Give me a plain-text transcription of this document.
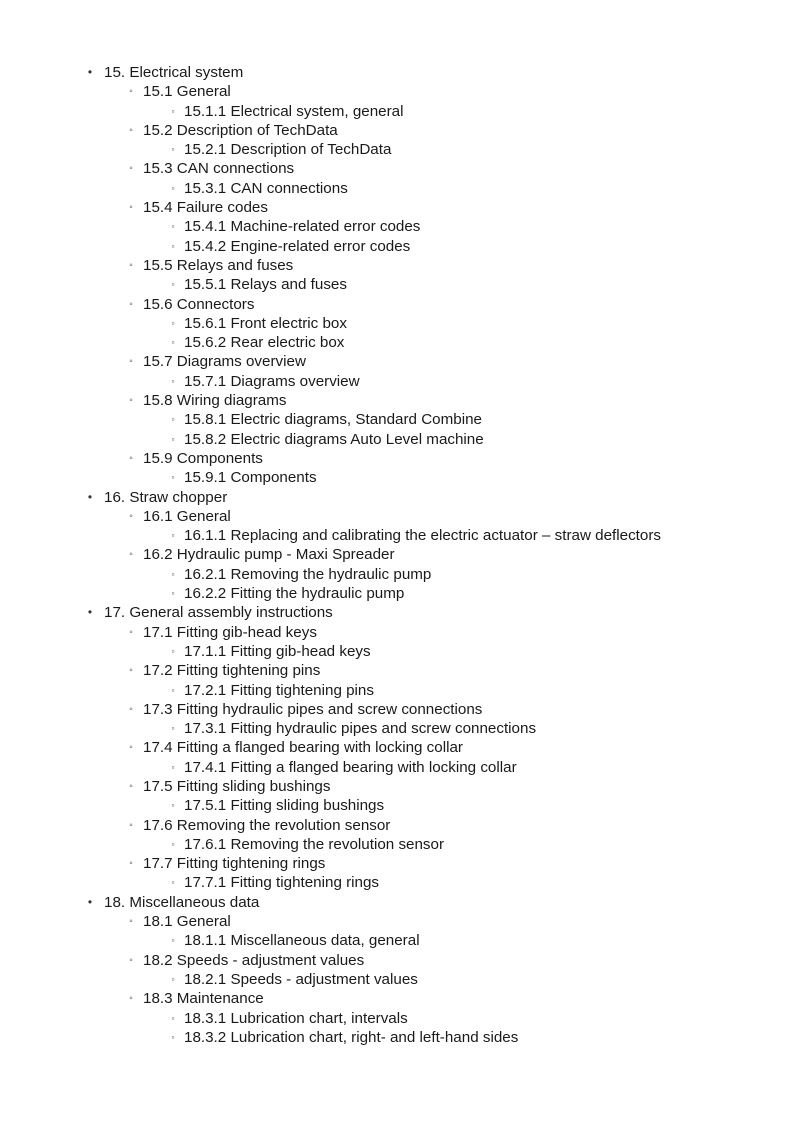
• 15. Electrical system
◦ 15.1 General
▫ 15.1.1 Electrical system, general
◦ 15.2 Description of TechData
▫ 15.2.1 Description of TechData
◦ 15.3 CAN connections
▫ 15.3.1 CAN connections
◦ 15.4 Failure codes
▫ 15.4.1 Machine-related error codes
▫ 15.4.2 Engine-related error codes
◦ 15.5 Relays and fuses
▫ 15.5.1 Relays and fuses
◦ 15.6 Connectors
▫ 15.6.1 Front electric box
▫ 15.6.2 Rear electric box
◦ 15.7 Diagrams overview
▫ 15.7.1 Diagrams overview
◦ 15.8 Wiring diagrams
▫ 15.8.1 Electric diagrams, Standard Combine
▫ 15.8.2 Electric diagrams Auto Level machine
◦ 15.9 Components
▫ 15.9.1 Components
• 16. Straw chopper
◦ 16.1 General
▫ 16.1.1 Replacing and calibrating the electric actuator – straw deflectors
◦ 16.2 Hydraulic pump - Maxi Spreader
▫ 16.2.1 Removing the hydraulic pump
▫ 16.2.2 Fitting the hydraulic pump
• 17. General assembly instructions
◦ 17.1 Fitting gib-head keys
▫ 17.1.1 Fitting gib-head keys
◦ 17.2 Fitting tightening pins
▫ 17.2.1 Fitting tightening pins
◦ 17.3 Fitting hydraulic pipes and screw connections
▫ 17.3.1 Fitting hydraulic pipes and screw connections
◦ 17.4 Fitting a flanged bearing with locking collar
▫ 17.4.1 Fitting a flanged bearing with locking collar
◦ 17.5 Fitting sliding bushings
▫ 17.5.1 Fitting sliding bushings
◦ 17.6 Removing the revolution sensor
▫ 17.6.1 Removing the revolution sensor
◦ 17.7 Fitting tightening rings
▫ 17.7.1 Fitting tightening rings
• 18. Miscellaneous data
◦ 18.1 General
▫ 18.1.1 Miscellaneous data, general
◦ 18.2 Speeds - adjustment values
▫ 18.2.1 Speeds - adjustment values
◦ 18.3 Maintenance
▫ 18.3.1 Lubrication chart, intervals
▫ 18.3.2 Lubrication chart, right- and left-hand sides
